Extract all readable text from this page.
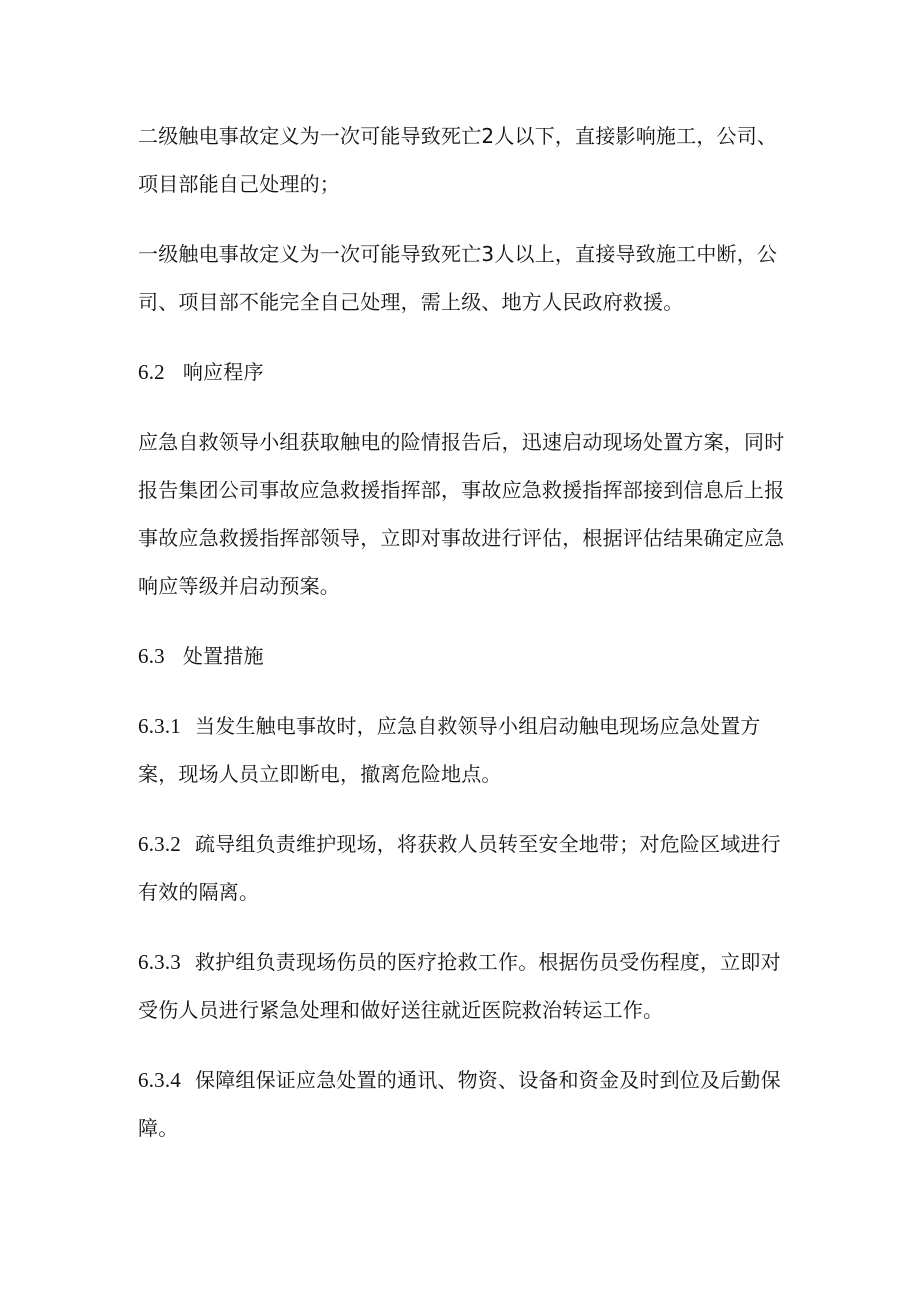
二级触电事故定义为一次可能导致死亡2人以下，直接影响施工，公司、项目部能自己处理的；

一级触电事故定义为一次可能导致死亡3人以上，直接导致施工中断，公司、项目部不能完全自己处理，需上级、地方人民政府救援。

6.2 响应程序

应急自救领导小组获取触电的险情报告后，迅速启动现场处置方案，同时报告集团公司事故应急救援指挥部，事故应急救援指挥部接到信息后上报事故应急救援指挥部领导，立即对事故进行评估，根据评估结果确定应急响应等级并启动预案。

6.3 处置措施

6.3.1 当发生触电事故时，应急自救领导小组启动触电现场应急处置方案，现场人员立即断电，撤离危险地点。

6.3.2 疏导组负责维护现场，将获救人员转至安全地带；对危险区域进行有效的隔离。

6.3.3 救护组负责现场伤员的医疗抢救工作。根据伤员受伤程度，立即对受伤人员进行紧急处理和做好送往就近医院救治转运工作。

6.3.4 保障组保证应急处置的通讯、物资、设备和资金及时到位及后勤保障。
